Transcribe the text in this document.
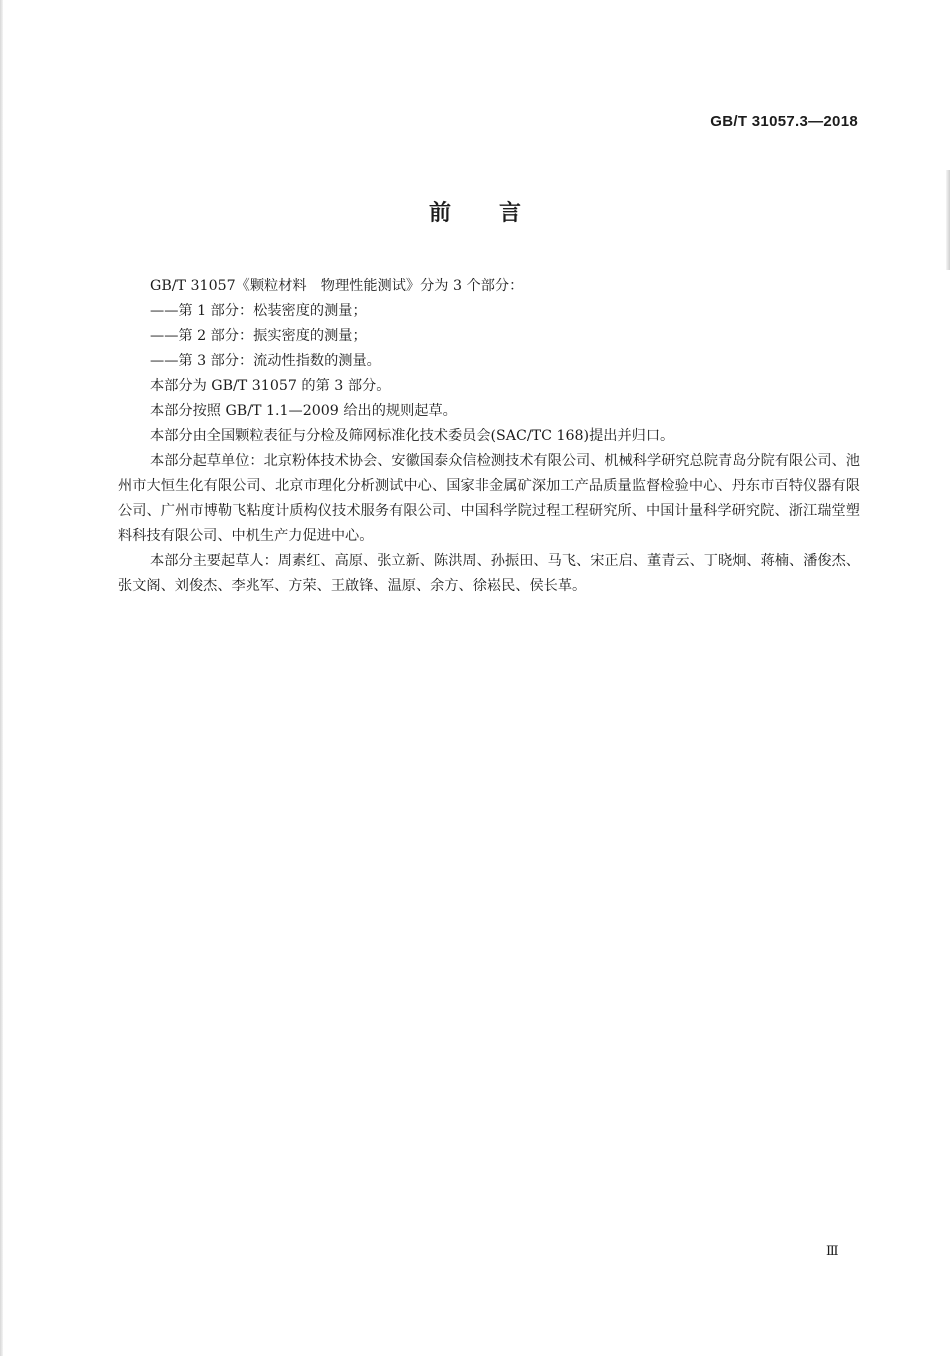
GB/T 31057.3—2018
前言

GB/T 31057《颗粒材料　物理性能测试》分为 3 个部分：

——第 1 部分：松装密度的测量；

——第 2 部分：振实密度的测量；

——第 3 部分：流动性指数的测量。

本部分为 GB/T 31057 的第 3 部分。

本部分按照 GB/T 1.1—2009 给出的规则起草。

本部分由全国颗粒表征与分检及筛网标准化技术委员会(SAC/TC 168)提出并归口。

本部分起草单位：北京粉体技术协会、安徽国泰众信检测技术有限公司、机械科学研究总院青岛分院有限公司、池州市大恒生化有限公司、北京市理化分析测试中心、国家非金属矿深加工产品质量监督检验中心、丹东市百特仪器有限公司、广州市博勒飞粘度计质构仪技术服务有限公司、中国科学院过程工程研究所、中国计量科学研究院、浙江瑞堂塑料科技有限公司、中机生产力促进中心。

本部分主要起草人：周素红、高原、张立新、陈洪周、孙振田、马飞、宋正启、董青云、丁晓炯、蒋楠、潘俊杰、张文阁、刘俊杰、李兆军、方荣、王啟锋、温原、余方、徐崧民、侯长革。

Ⅲ
